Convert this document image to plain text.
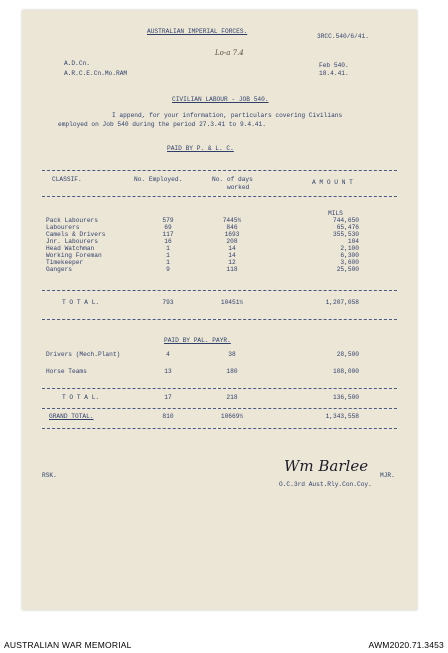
AUSTRALIAN IMPERIAL FORCES.
3RCC.540/6/41.
Lo-a 7.4
A.D.Cn.
A.R.C.E.Cn.Mo.RAM
Feb 540.
18.4.41.
CIVILIAN LABOUR - JOB 540.
I append, for your information, particulars covering Civilians
employed on Job 540 during the period 27.3.41 to 9.4.41.
PAID BY P. & L. C.
CLASSIF.	No. Employed.	No. of days
worked
A M O U N T
MILS
Pack Labourers	579	7445½	744,650
Labourers	69	846	65,476
Camels & Drivers	117	1693	355,530
Jnr. Labourers	16	208	104
Head Watchman	1	14	2,100
Working Foreman	1	14	6,300
Timekeeper	1	12	3,600
Gangers	9	118	25,500
T O T A L.	793	10451½	1,207,058
PAID BY PAL. PAYR.
Drivers (Mech.Plant)	4	38	28,500
Horse Teams	13	180	108,000
T O T A L.	17	218	136,500
GRAND TOTAL.	810	10669½	1,343,558
RSK.
Wm Barlee
MJR.
O.C.3rd Aust.Rly.Con.Coy.
AUSTRALIAN WAR MEMORIAL	AWM2020.71.3453
